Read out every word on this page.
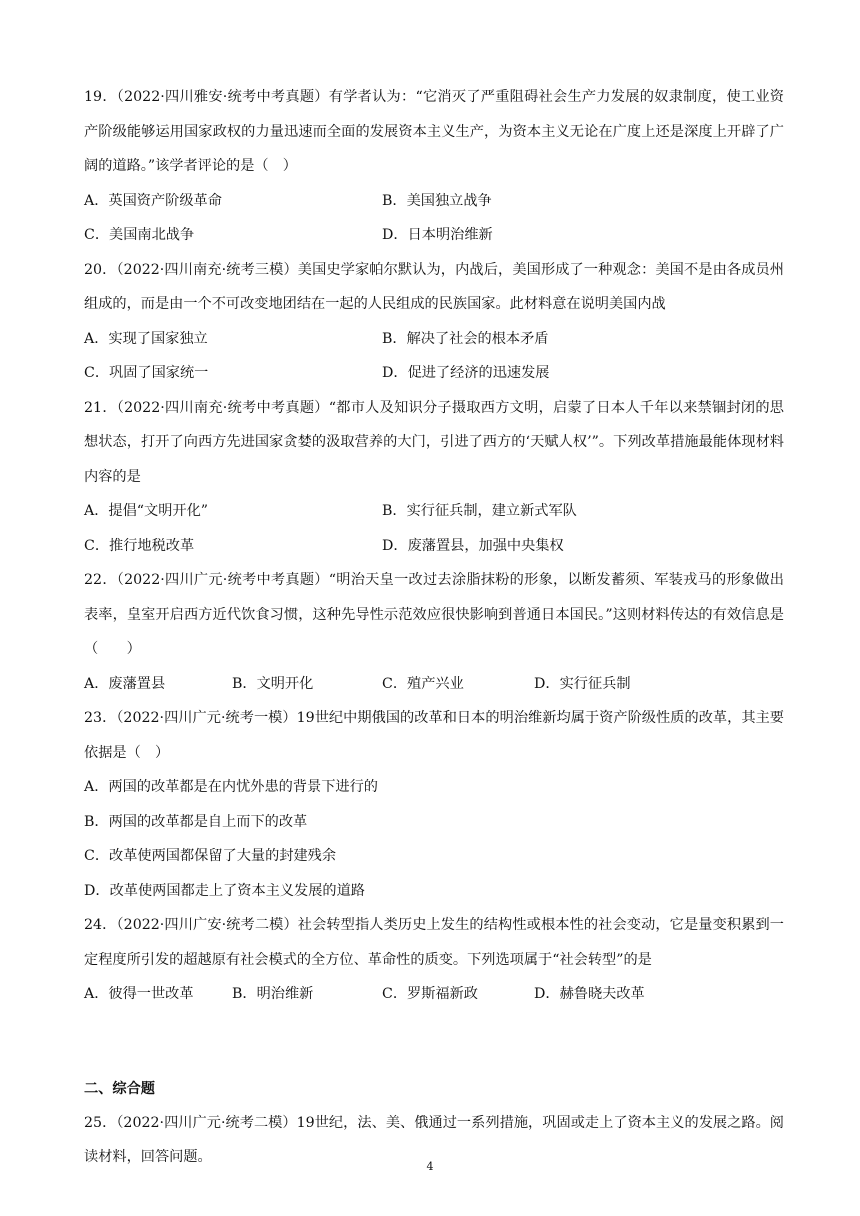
19．（2022·四川雅安·统考中考真题）有学者认为：“它消灭了严重阻碍社会生产力发展的奴隶制度，使工业资产阶级能够运用国家政权的力量迅速而全面的发展资本主义生产，为资本主义无论在广度上还是深度上开辟了广阔的道路。”该学者评论的是（　）
A．英国资产阶级革命	B．美国独立战争
C．美国南北战争	D．日本明治维新
20．（2022·四川南充·统考三模）美国史学家帕尔默认为，内战后，美国形成了一种观念：美国不是由各成员州组成的，而是由一个不可改变地团结在一起的人民组成的民族国家。此材料意在说明美国内战
A．实现了国家独立	B．解决了社会的根本矛盾
C．巩固了国家统一	D．促进了经济的迅速发展
21．（2022·四川南充·统考中考真题）“都市人及知识分子摄取西方文明，启蒙了日本人千年以来禁锢封闭的思想状态，打开了向西方先进国家贪婪的汲取营养的大门，引进了西方的‘天赋人权’”。下列改革措施最能体现材料内容的是
A．提倡“文明开化”	B．实行征兵制，建立新式军队
C．推行地税改革	D．废藩置县，加强中央集权
22．（2022·四川广元·统考中考真题）“明治天皇一改过去涂脂抹粉的形象，以断发蓄须、军装戎马的形象做出表率，皇室开启西方近代饮食习惯，这种先导性示范效应很快影响到普通日本国民。”这则材料传达的有效信息是（　　）
A．废藩置县	B．文明开化	C．殖产兴业	D．实行征兵制
23．（2022·四川广元·统考一模）19世纪中期俄国的改革和日本的明治维新均属于资产阶级性质的改革，其主要依据是（　）
A．两国的改革都是在内忧外患的背景下进行的
B．两国的改革都是自上而下的改革
C．改革使两国都保留了大量的封建残余
D．改革使两国都走上了资本主义发展的道路
24．（2022·四川广安·统考二模）社会转型指人类历史上发生的结构性或根本性的社会变动，它是量变积累到一定程度所引发的超越原有社会模式的全方位、革命性的质变。下列选项属于“社会转型”的是
A．彼得一世改革	B．明治维新	C．罗斯福新政	D．赫鲁晓夫改革
二、综合题
25．（2022·四川广元·统考二模）19世纪，法、美、俄通过一系列措施，巩固或走上了资本主义的发展之路。阅读材料，回答问题。
4
